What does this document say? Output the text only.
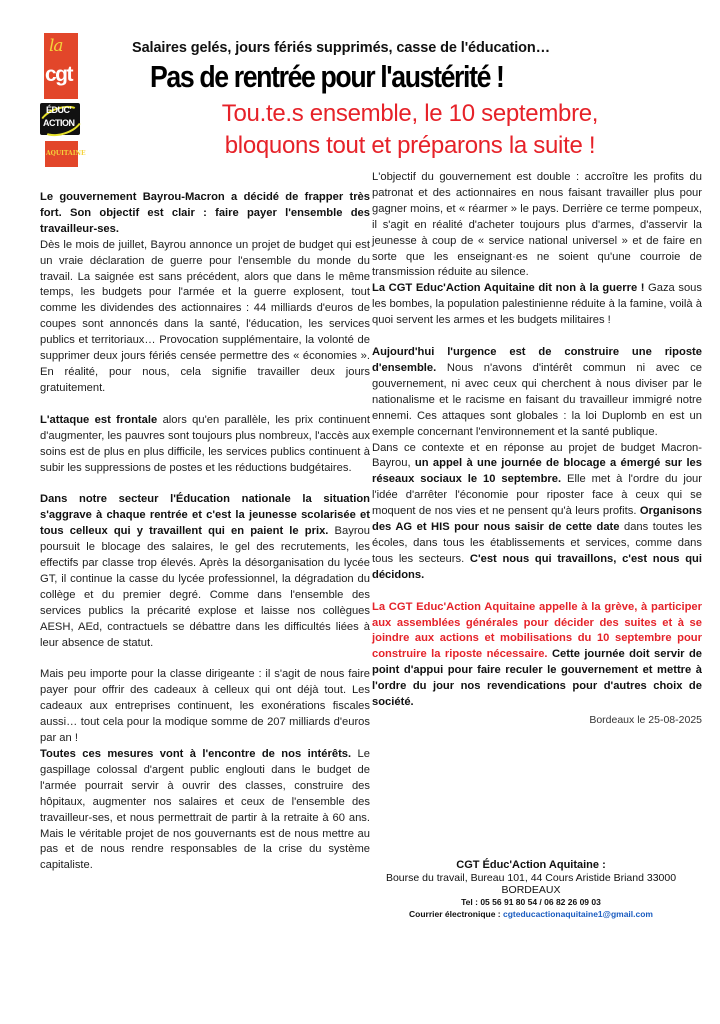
la
cgt
ÉDUC'
ACTION
AQUITAINE
Salaires gelés, jours fériés supprimés, casse de l'éducation…
Pas de rentrée pour l'austérité !
Tou.te.s ensemble, le 10 septembre,
bloquons tout et préparons la suite !

Le gouvernement Bayrou-Macron a décidé de frapper très fort. Son objectif est clair : faire payer l'ensemble des travailleur-ses.
Dès le mois de juillet, Bayrou annonce un projet de budget qui est un vraie déclaration de guerre pour l'ensemble du monde du travail. La saignée est sans précédent, alors que dans le même temps, les budgets pour l'armée et la guerre explosent, tout comme les dividendes des actionnaires : 44 milliards d'euros de coupes sont annoncés dans la santé, l'éducation, les services publics et territoriaux… Provocation supplémentaire, la volonté de supprimer deux jours fériés censée permettre des « économies ». En réalité, pour nous, cela signifie travailler deux jours gratuitement.

L'attaque est frontale alors qu'en parallèle, les prix continuent d'augmenter, les pauvres sont toujours plus nombreux, l'accès aux soins est de plus en plus difficile, les services publics continuent à subir les suppressions de postes et les réductions budgétaires.

Dans notre secteur l'Éducation nationale la situation s'aggrave à chaque rentrée et c'est la jeunesse scolarisée et tous celleux qui y travaillent qui en paient le prix. Bayrou poursuit le blocage des salaires, le gel des recrutements, les effectifs par classe trop élevés. Après la désorganisation du lycée GT, il continue la casse du lycée professionnel, la dégradation du collège et du premier degré. Comme dans l'ensemble des services publics la précarité explose et laisse nos collègues AESH, AEd, contractuels se débattre dans les difficultés liées à leur absence de statut.

Mais peu importe pour la classe dirigeante : il s'agit de nous faire payer pour offrir des cadeaux à celleux qui ont déjà tout. Les cadeaux aux entreprises continuent, les exonérations fiscales aussi… tout cela pour la modique somme de 207 milliards d'euros par an !

Toutes ces mesures vont à l'encontre de nos intérêts. Le gaspillage colossal d'argent public englouti dans le budget de l'armée pourrait servir à ouvrir des classes, construire des hôpitaux, augmenter nos salaires et ceux de l'ensemble des travailleur-ses, et nous permettrait de partir à la retraite à 60 ans. Mais le véritable projet de nos gouvernants est de nous mettre au pas et de nous rendre responsables de la crise du système capitaliste.

L'objectif du gouvernement est double : accroître les profits du patronat et des actionnaires en nous faisant travailler plus pour gagner moins, et « réarmer » le pays. Derrière ce terme pompeux, il s'agit en réalité d'acheter toujours plus d'armes, d'asservir la jeunesse à coup de « service national universel » et de faire en sorte que les enseignant·es ne soient qu'une courroie de transmission réduite au silence.

La CGT Educ'Action Aquitaine dit non à la guerre ! Gaza sous les bombes, la population palestinienne réduite à la famine, voilà à quoi servent les armes et les budgets militaires !

Aujourd'hui l'urgence est de construire une riposte d'ensemble. Nous n'avons d'intérêt commun ni avec ce gouvernement, ni avec ceux qui cherchent à nous diviser par le nationalisme et le racisme en faisant du travailleur immigré notre ennemi. Ces attaques sont globales : la loi Duplomb en est un exemple concernant l'environnement et la santé publique.

Dans ce contexte et en réponse au projet de budget Macron-Bayrou, un appel à une journée de blocage a émergé sur les réseaux sociaux le 10 septembre. Elle met à l'ordre du jour l'idée d'arrêter l'économie pour riposter face à ceux qui se moquent de nos vies et ne pensent qu'à leurs profits. Organisons des AG et HIS pour nous saisir de cette date dans toutes les écoles, dans tous les établissements et services, comme dans tous les secteurs. C'est nous qui travaillons, c'est nous qui décidons.

La CGT Educ'Action Aquitaine appelle à la grève, à participer aux assemblées générales pour décider des suites et à se joindre aux actions et mobilisations du 10 septembre pour construire la riposte nécessaire. Cette journée doit servir de point d'appui pour faire reculer le gouvernement et mettre à l'ordre du jour nos revendications pour d'autres choix de société.

Bordeaux le 25-08-2025
CGT Éduc'Action Aquitaine :
Bourse du travail, Bureau 101, 44 Cours Aristide Briand 33000
BORDEAUX
Tel : 05 56 91 80 54 / 06 82 26 09 03
Courrier électronique : cgteducactionaquitaine1@gmail.com
